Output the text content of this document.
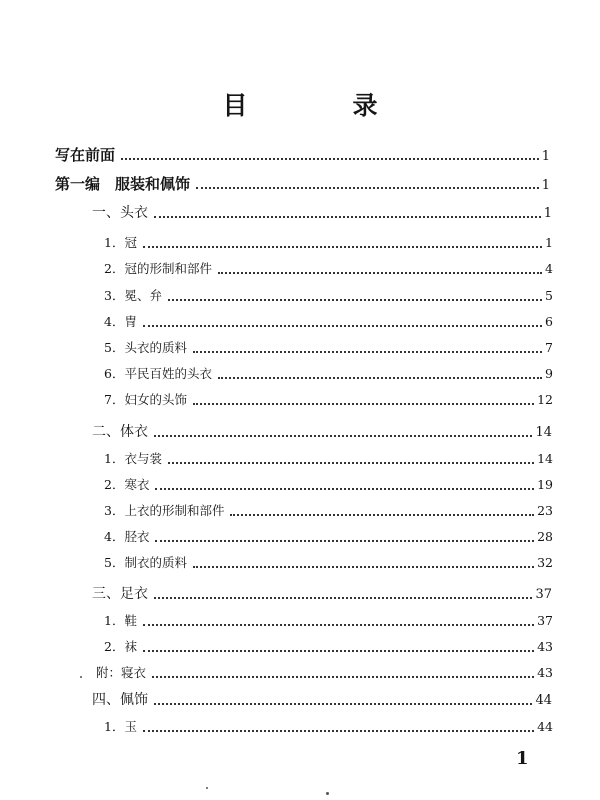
目　录
写在前面	1
第一编　服装和佩饰	1
一、头衣	1
1．冠	1
2．冠的形制和部件	4
3．冕、弁	5
4．冑	6
5．头衣的质料	7
6．平民百姓的头衣	9
7．妇女的头饰	12
二、体衣	14
1．衣与裳	14
2．寒衣	19
3．上衣的形制和部件	23
4．胫衣	28
5．制衣的质料	32
三、足衣	37
1．鞋	37
2．袜	43
附：寝衣	43
四、佩饰	44
1．玉	44
1
